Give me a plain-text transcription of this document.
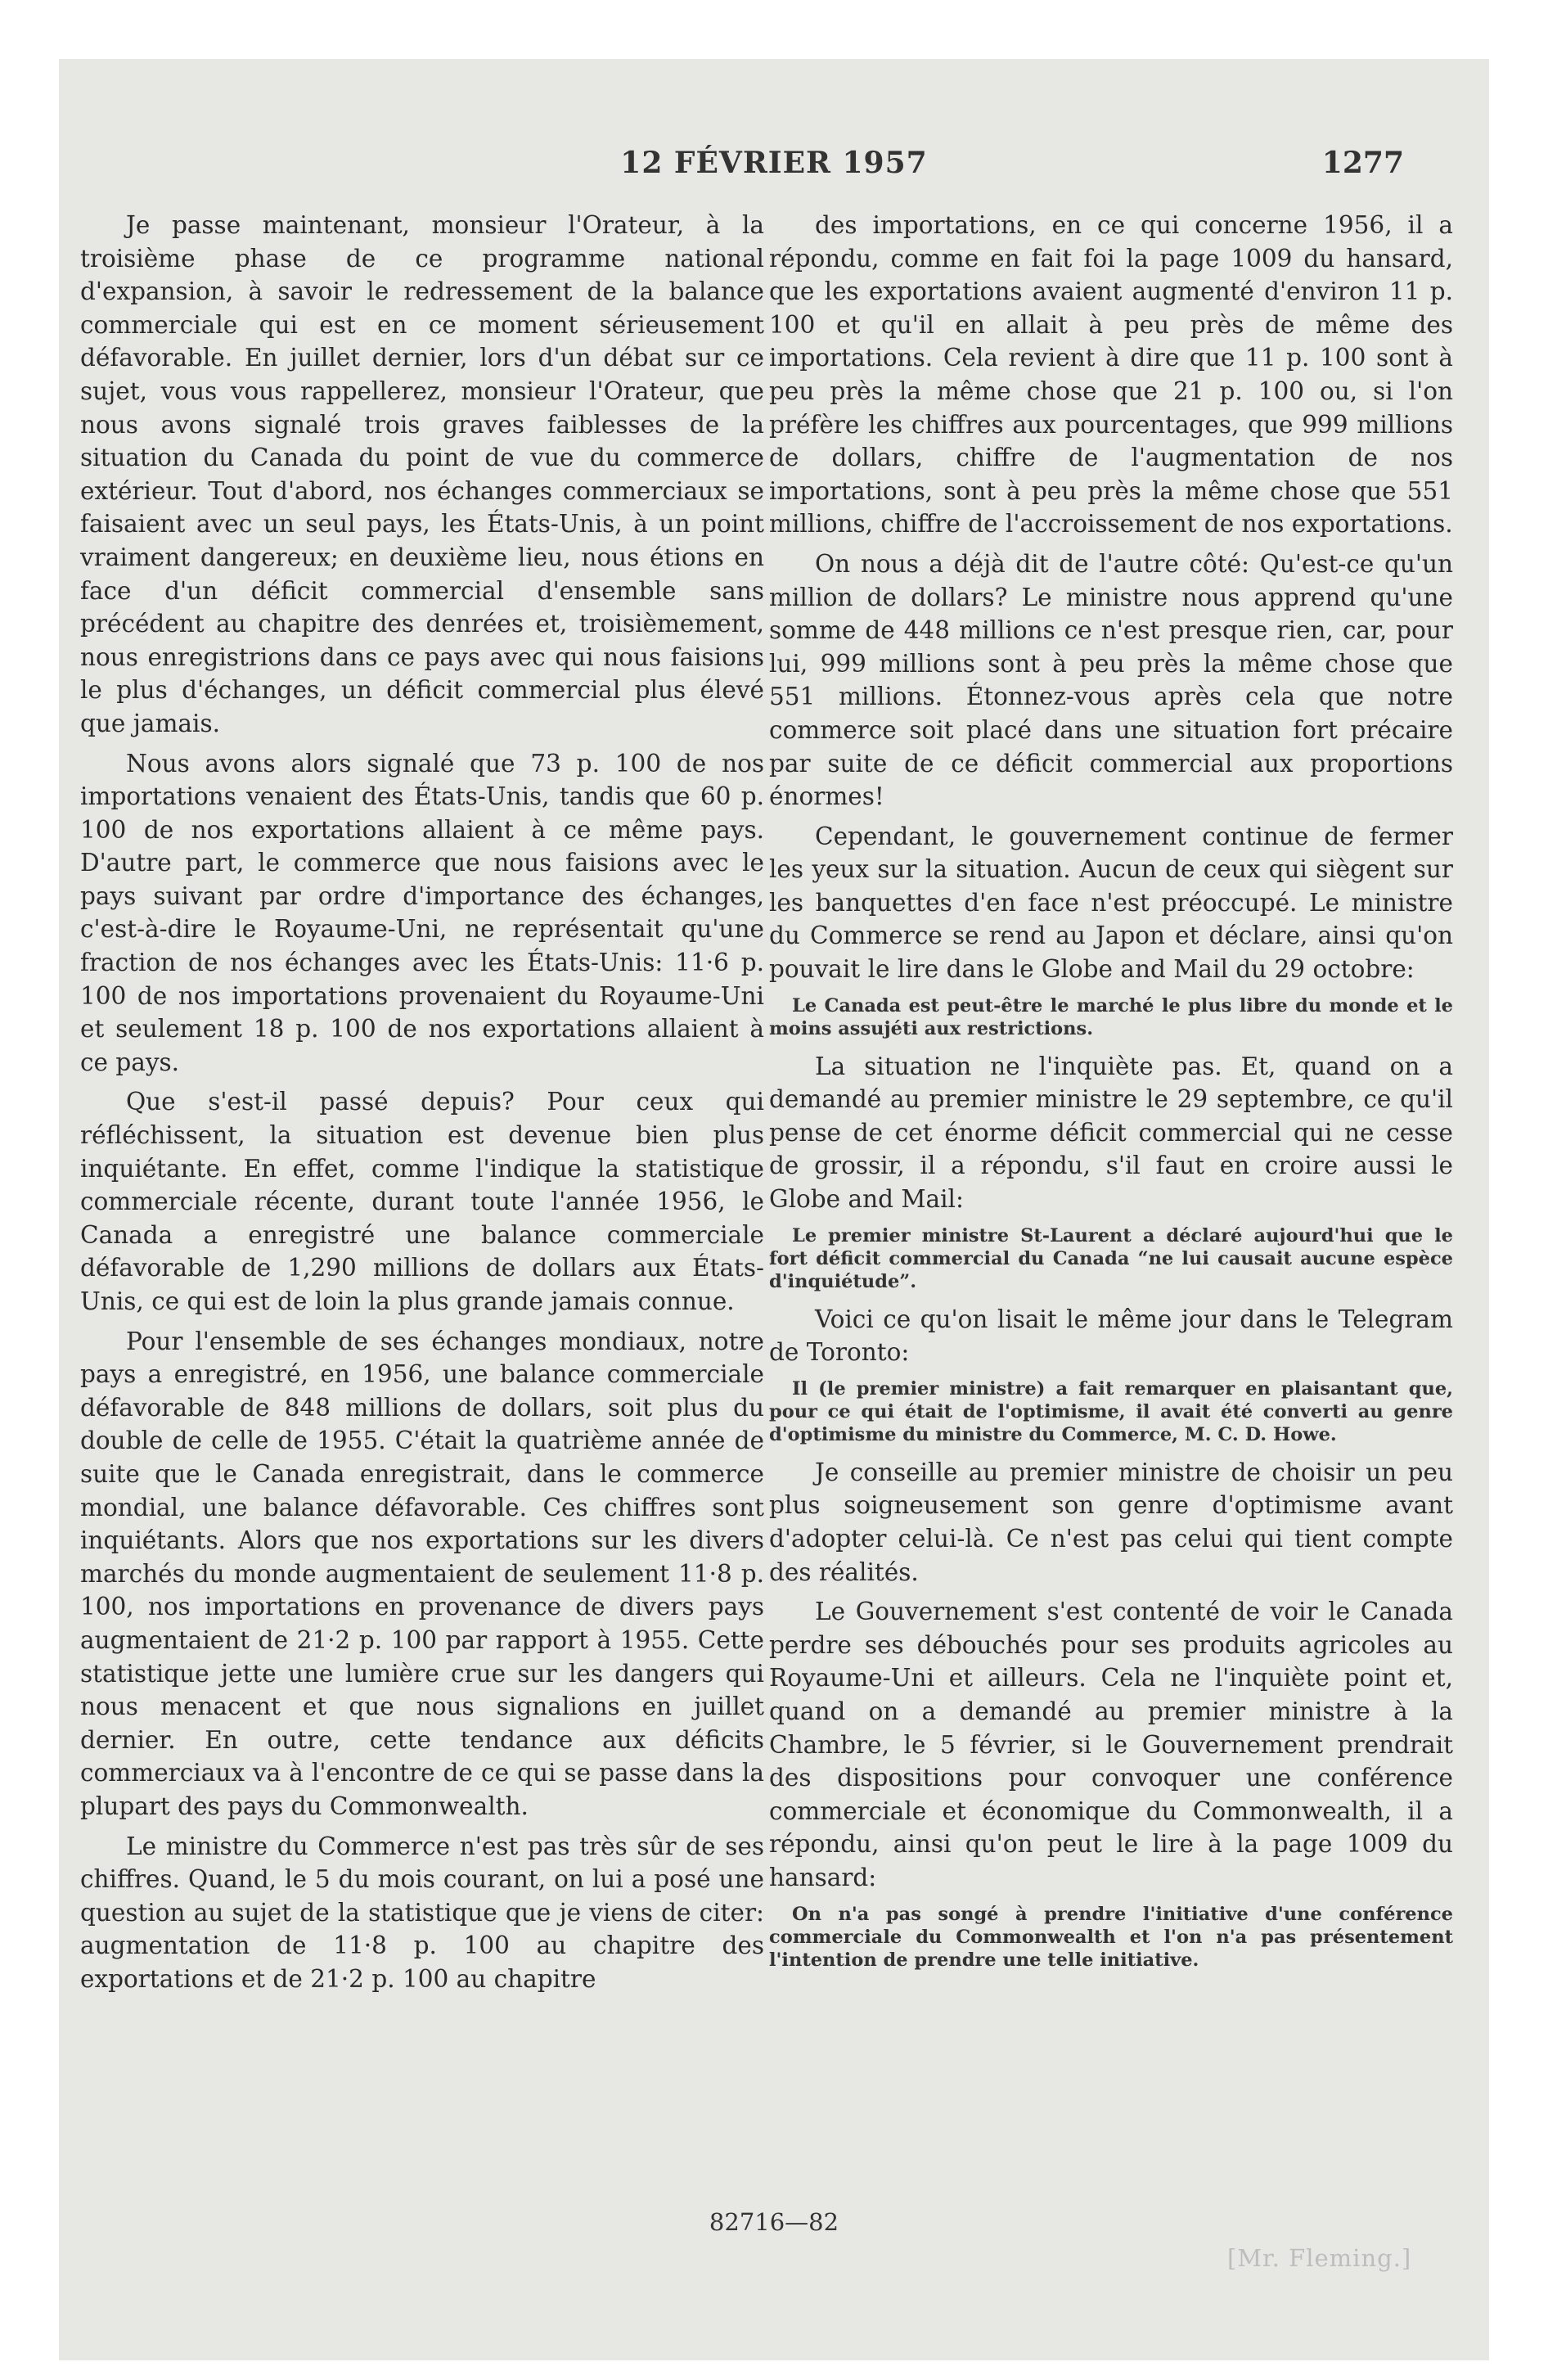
12 FÉVRIER 1957	1277

Je passe maintenant, monsieur l'Orateur, à la troisième phase de ce programme national d'expansion, à savoir le redressement de la balance commerciale qui est en ce moment sérieusement défavorable. En juillet dernier, lors d'un débat sur ce sujet, vous vous rappellerez, monsieur l'Orateur, que nous avons signalé trois graves faiblesses de la situation du Canada du point de vue du commerce extérieur. Tout d'abord, nos échanges commerciaux se faisaient avec un seul pays, les États-Unis, à un point vraiment dangereux; en deuxième lieu, nous étions en face d'un déficit commercial d'ensemble sans précédent au chapitre des denrées et, troisièmement, nous enregistrions dans ce pays avec qui nous faisions le plus d'échanges, un déficit commercial plus élevé que jamais.

Nous avons alors signalé que 73 p. 100 de nos importations venaient des États-Unis, tandis que 60 p. 100 de nos exportations allaient à ce même pays. D'autre part, le commerce que nous faisions avec le pays suivant par ordre d'importance des échanges, c'est-à-dire le Royaume-Uni, ne représentait qu'une fraction de nos échanges avec les États-Unis: 11·6 p. 100 de nos importations provenaient du Royaume-Uni et seulement 18 p. 100 de nos exportations allaient à ce pays.

Que s'est-il passé depuis? Pour ceux qui réfléchissent, la situation est devenue bien plus inquiétante. En effet, comme l'indique la statistique commerciale récente, durant toute l'année 1956, le Canada a enregistré une balance commerciale défavorable de 1,290 millions de dollars aux États-Unis, ce qui est de loin la plus grande jamais connue.

Pour l'ensemble de ses échanges mondiaux, notre pays a enregistré, en 1956, une balance commerciale défavorable de 848 millions de dollars, soit plus du double de celle de 1955. C'était la quatrième année de suite que le Canada enregistrait, dans le commerce mondial, une balance défavorable. Ces chiffres sont inquiétants. Alors que nos exportations sur les divers marchés du monde augmentaient de seulement 11·8 p. 100, nos importations en provenance de divers pays augmentaient de 21·2 p. 100 par rapport à 1955. Cette statistique jette une lumière crue sur les dangers qui nous menacent et que nous signalions en juillet dernier. En outre, cette tendance aux déficits commerciaux va à l'encontre de ce qui se passe dans la plupart des pays du Commonwealth.

Le ministre du Commerce n'est pas très sûr de ses chiffres. Quand, le 5 du mois courant, on lui a posé une question au sujet de la statistique que je viens de citer: augmentation de 11·8 p. 100 au chapitre des exportations et de 21·2 p. 100 au chapitre

des importations, en ce qui concerne 1956, il a répondu, comme en fait foi la page 1009 du hansard, que les exportations avaient augmenté d'environ 11 p. 100 et qu'il en allait à peu près de même des importations. Cela revient à dire que 11 p. 100 sont à peu près la même chose que 21 p. 100 ou, si l'on préfère les chiffres aux pourcentages, que 999 millions de dollars, chiffre de l'augmentation de nos importations, sont à peu près la même chose que 551 millions, chiffre de l'accroissement de nos exportations.

On nous a déjà dit de l'autre côté: Qu'est-ce qu'un million de dollars? Le ministre nous apprend qu'une somme de 448 millions ce n'est presque rien, car, pour lui, 999 millions sont à peu près la même chose que 551 millions. Étonnez-vous après cela que notre commerce soit placé dans une situation fort précaire par suite de ce déficit commercial aux proportions énormes!

Cependant, le gouvernement continue de fermer les yeux sur la situation. Aucun de ceux qui siègent sur les banquettes d'en face n'est préoccupé. Le ministre du Commerce se rend au Japon et déclare, ainsi qu'on pouvait le lire dans le Globe and Mail du 29 octobre:

Le Canada est peut-être le marché le plus libre du monde et le moins assujéti aux restrictions.

La situation ne l'inquiète pas. Et, quand on a demandé au premier ministre le 29 septembre, ce qu'il pense de cet énorme déficit commercial qui ne cesse de grossir, il a répondu, s'il faut en croire aussi le Globe and Mail:

Le premier ministre St-Laurent a déclaré aujourd'hui que le fort déficit commercial du Canada “ne lui causait aucune espèce d'inquiétude”.

Voici ce qu'on lisait le même jour dans le Telegram de Toronto:

Il (le premier ministre) a fait remarquer en plaisantant que, pour ce qui était de l'optimisme, il avait été converti au genre d'optimisme du ministre du Commerce, M. C. D. Howe.

Je conseille au premier ministre de choisir un peu plus soigneusement son genre d'optimisme avant d'adopter celui-là. Ce n'est pas celui qui tient compte des réalités.

Le Gouvernement s'est contenté de voir le Canada perdre ses débouchés pour ses produits agricoles au Royaume-Uni et ailleurs. Cela ne l'inquiète point et, quand on a demandé au premier ministre à la Chambre, le 5 février, si le Gouvernement prendrait des dispositions pour convoquer une conférence commerciale et économique du Commonwealth, il a répondu, ainsi qu'on peut le lire à la page 1009 du hansard:

On n'a pas songé à prendre l'initiative d'une conférence commerciale du Commonwealth et l'on n'a pas présentement l'intention de prendre une telle initiative.

82716—82
[Mr. Fleming.]
